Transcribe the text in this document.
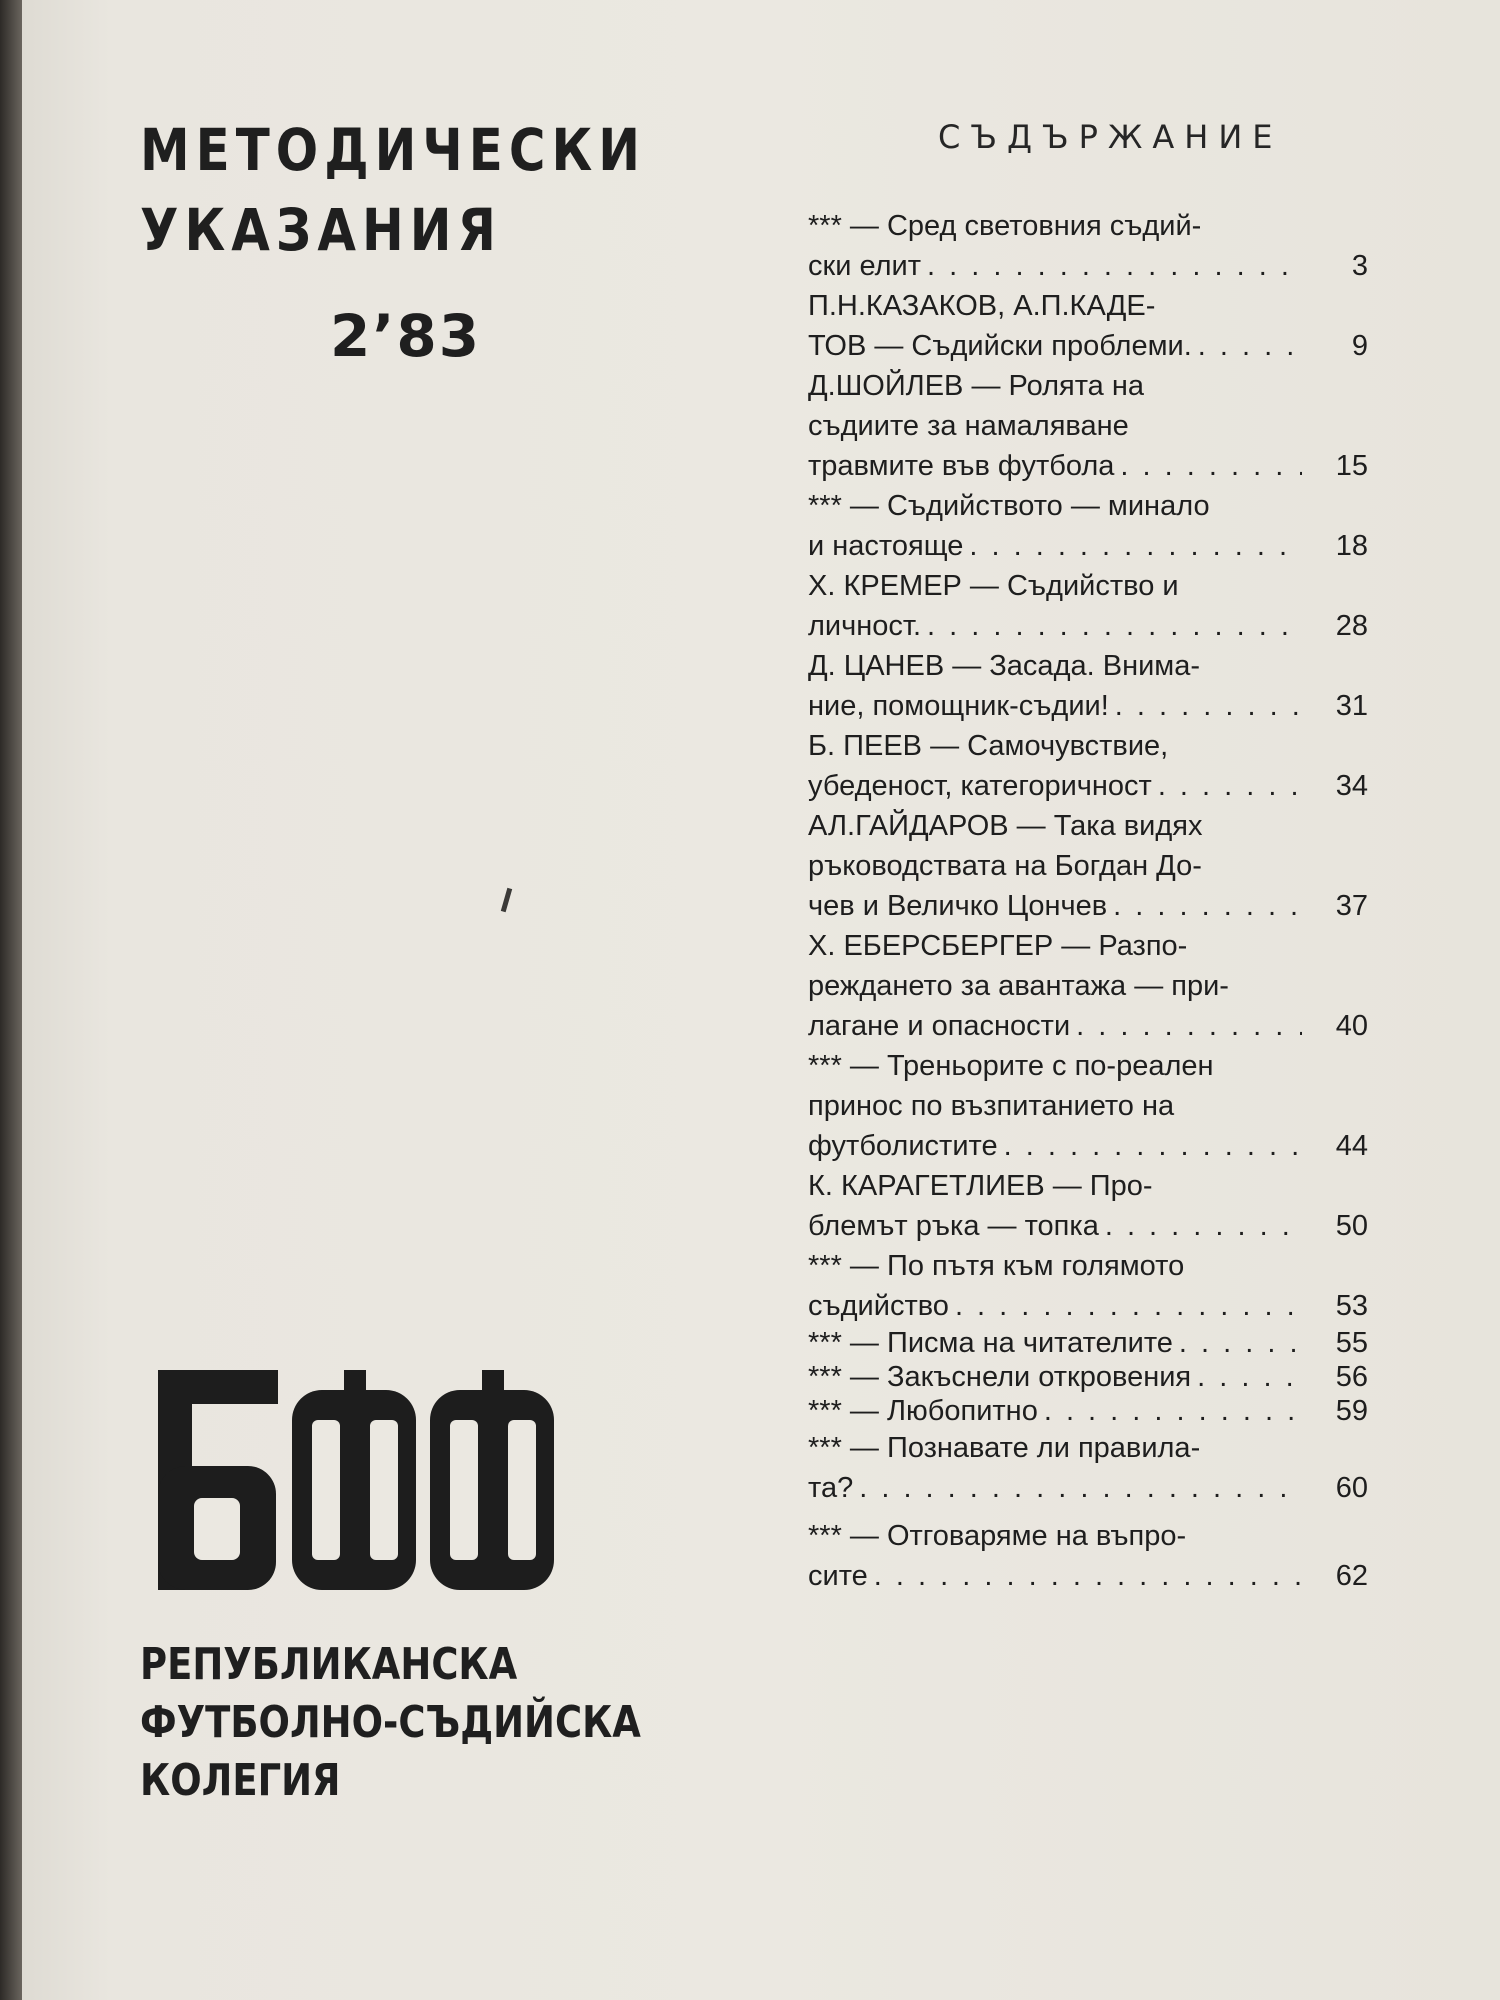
МЕТОДИЧЕСКИ
УКАЗАНИЯ
2’83
РЕПУБЛИКАНСКА
ФУТБОЛНО-СЪДИЙСКА
КОЛЕГИЯ
СЪДЪРЖАНИЕ
*** — Сред световния съдий-
ски елит . . .	3
П.Н.КАЗАКОВ, А.П.КАДЕ-
ТОВ — Съдийски проблеми. . . .	9
Д.ШОЙЛЕВ — Ролята на
съдиите за намаляване
травмите във футбола . . .	15
*** — Съдийството — минало
и настояще . . .	18
Х. КРЕМЕР — Съдийство и
личност. . . .	28
Д. ЦАНЕВ — Засада. Внима-
ние, помощник-съдии! . . .	31
Б. ПЕЕВ — Самочувствие,
убеденост, категоричност . . .	34
АЛ.ГАЙДАРОВ — Така видях
ръководствата на Богдан До-
чев и Величко Цончев . . .	37
Х. ЕБЕРСБЕРГЕР — Разпо-
реждането за авантажа — при-
лагане и опасности . . .	40
*** — Треньорите с по-реален
принос по възпитанието на
футболистите . . .	44
К. КАРАГЕТЛИЕВ — Про-
блемът ръка — топка . . .	50
*** — По пътя към голямото
съдийство . . .	53
*** — Писма на читателите . . .	55
*** — Закъснели откровения . . .	56
*** — Любопитно . . .	59
*** — Познавате ли правила-
та? . . .	60
*** — Отговаряме на въпро-
сите . . .	62
